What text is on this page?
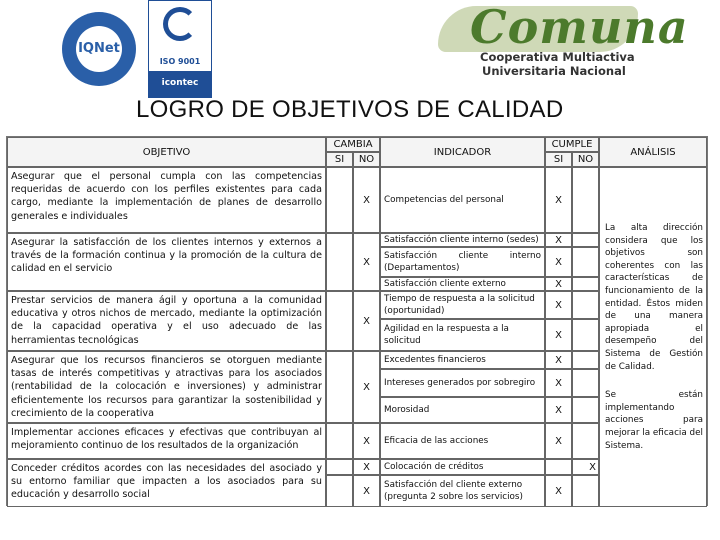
IQNet
ISO 9001
icontec
Comuna
Cooperativa Multiactiva
Universitaria Nacional
LOGRO DE OBJETIVOS DE CALIDAD
OBJETIVO
CAMBIA
SI	NO
INDICADOR
CUMPLE
SI	NO
ANÁLISIS
Asegurar que el personal cumpla con las competencias requeridas de acuerdo con los perfiles existentes para cada cargo, mediante la implementación de planes de desarrollo generales e individuales
Asegurar la satisfacción de los clientes internos y externos a través de la formación continua y la promoción de la cultura de calidad en el servicio
Prestar servicios de manera ágil y oportuna a la comunidad educativa y otros nichos de mercado, mediante la optimización de la capacidad operativa y el uso adecuado de las herramientas tecnológicas
Asegurar que los recursos financieros se otorguen mediante tasas de interés competitivas y atractivas para los asociados (rentabilidad de la colocación e inversiones) y administrar eficientemente los recursos para garantizar la sostenibilidad y crecimiento de la cooperativa
Implementar acciones eficaces y efectivas que contribuyan al mejoramiento continuo de los resultados de la organización
Conceder créditos acordes con las necesidades del asociado y su entorno familiar que impacten a los asociados para su educación y desarrollo social
X
X
X
X
X
X
X
Competencias del personal
Satisfacción cliente interno (sedes)
Satisfacción cliente interno (Departamentos)
Satisfacción cliente externo
Tiempo de respuesta a la solicitud (oportunidad)
Agilidad en la respuesta a la solicitud
Excedentes financieros
Intereses generados por sobregiro
Morosidad
Eficacia de las acciones
Colocación de créditos
Satisfacción del cliente externo (pregunta 2 sobre los servicios)
X
X
X
X
X
X
X
X
X
X
X
X
La alta dirección considera que los objetivos son coherentes con las características de funcionamiento de la entidad. Éstos miden de una manera apropiada el desempeño del Sistema de Gestión de Calidad.
Se están implementando acciones para mejorar la eficacia del Sistema.
